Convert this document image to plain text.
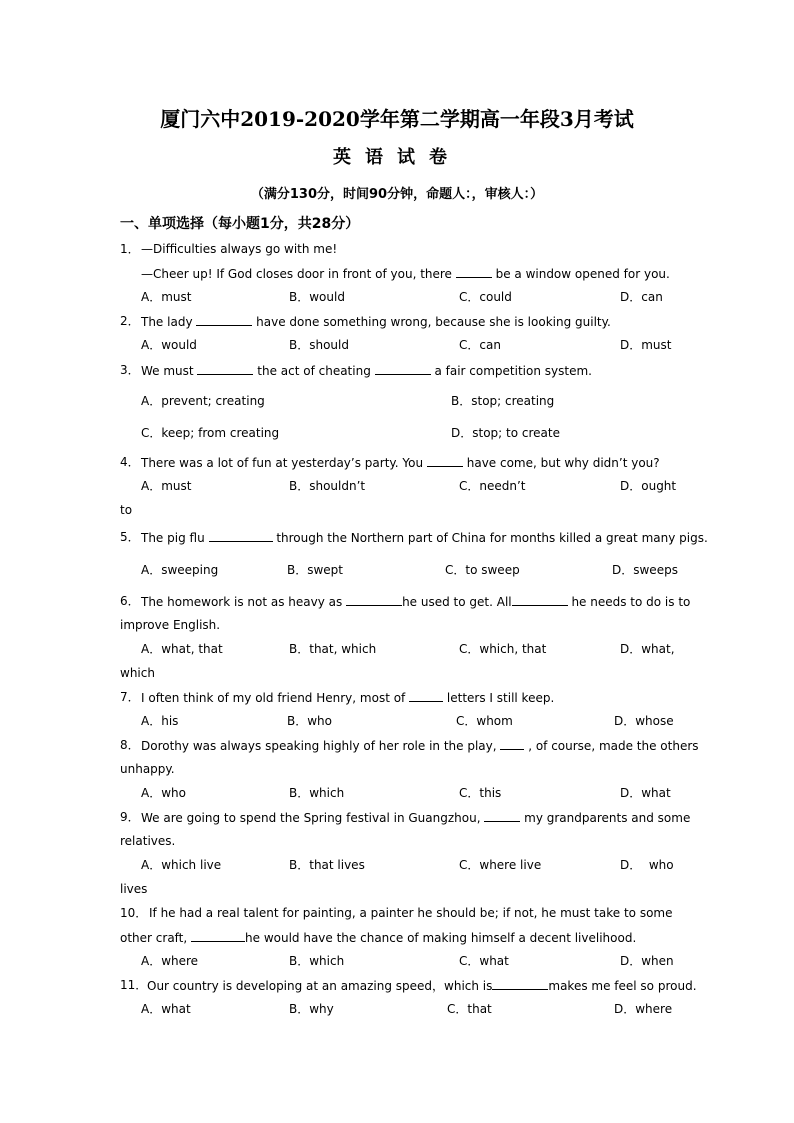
厦门六中2019-2020学年第二学期高一年段3月考试
英语试卷
（满分130分，时间90分钟，命题人：，审核人：）
一、单项选择（每小题1分，共28分）
1． —Difficulties always go with me!
—Cheer up! If God closes door in front of you, there	be a window opened for you.
A．must	B．would	C．could	D．can
2． The lady	have done something wrong, because she is looking guilty.
A．would	B．should	C．can	D．must
3． We must	the act of cheating	a fair competition system.
A．prevent; creating	B．stop; creating
C．keep; from creating	D．stop; to create
4． There was a lot of fun at yesterday’s party. You	have come, but why didn’t you?
A．must	B．shouldn’t	C．needn’t	D．ought
to
5． The pig flu	through the Northern part of China for months killed a great many pigs.
A．sweeping	B．swept	C．to sweep	D．sweeps
6． The homework is not as heavy as	he used to get. All	he needs to do is to
improve English.
A．what, that	B．that, which	C．which, that	D．what,
which
7． I often think of my old friend Henry, most of	letters I still keep.
A．his	B．who	C．whom	D．whose
8． Dorothy was always speaking highly of her role in the play,  , of course, made the others
unhappy.
A．who	B．which	C．this	D．what
9． We are going to spend the Spring festival in Guangzhou,	my grandparents and some
relatives.
A．which live	B．that lives	C．where live	D．  who
lives
10． If he had a real talent for painting, a painter he should be; if not, he must take to some
other craft,	he would have the chance of making himself a decent livelihood.
A．where	B．which	C．what	D．when
11． Our country is developing at an amazing speed，which is	makes me feel so proud.
A．what	B．why	C．that	D．where
